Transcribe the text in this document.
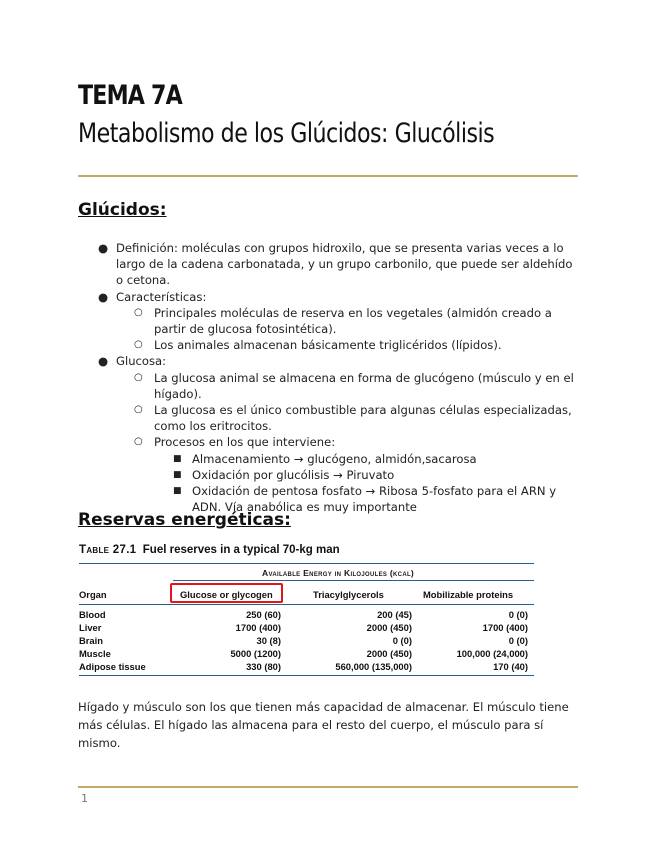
TEMA 7A
Metabolismo de los Glúcidos: Glucólisis
Glúcidos:
● Definición: moléculas con grupos hidroxilo, que se presenta varias veces a lo largo de la cadena carbonatada, y un grupo carbonilo, que puede ser aldehído o cetona.
● Características:
○ Principales moléculas de reserva en los vegetales (almidón creado a partir de glucosa fotosintética).
○ Los animales almacenan básicamente triglicéridos (lípidos).
● Glucosa:
○ La glucosa animal se almacena en forma de glucógeno (músculo y en el hígado).
○ La glucosa es el único combustible para algunas células especializadas, como los eritrocitos.
○ Procesos en los que interviene:
■ Almacenamiento → glucógeno, almidón,sacarosa
■ Oxidación por glucólisis → Piruvato
■ Oxidación de pentosa fosfato → Ribosa 5-fosfato para el ARN y ADN. Vía anabólica es muy importante
Reservas energéticas:
Table 27.1 Fuel reserves in a typical 70-kg man
Available Energy in Kilojoules (kcal)
Organ	Glucose or glycogen	Triacylglycerols	Mobilizable proteins
Blood	250 (60)	200 (45)	0 (0)
Liver	1700 (400)	2000 (450)	1700 (400)
Brain	30 (8)	0 (0)	0 (0)
Muscle	5000 (1200)	2000 (450)	100,000 (24,000)
Adipose tissue	330 (80)	560,000 (135,000)	170 (40)
Hígado y músculo son los que tienen más capacidad de almacenar. El músculo tiene más células. El hígado las almacena para el resto del cuerpo, el músculo para sí mismo.
1
